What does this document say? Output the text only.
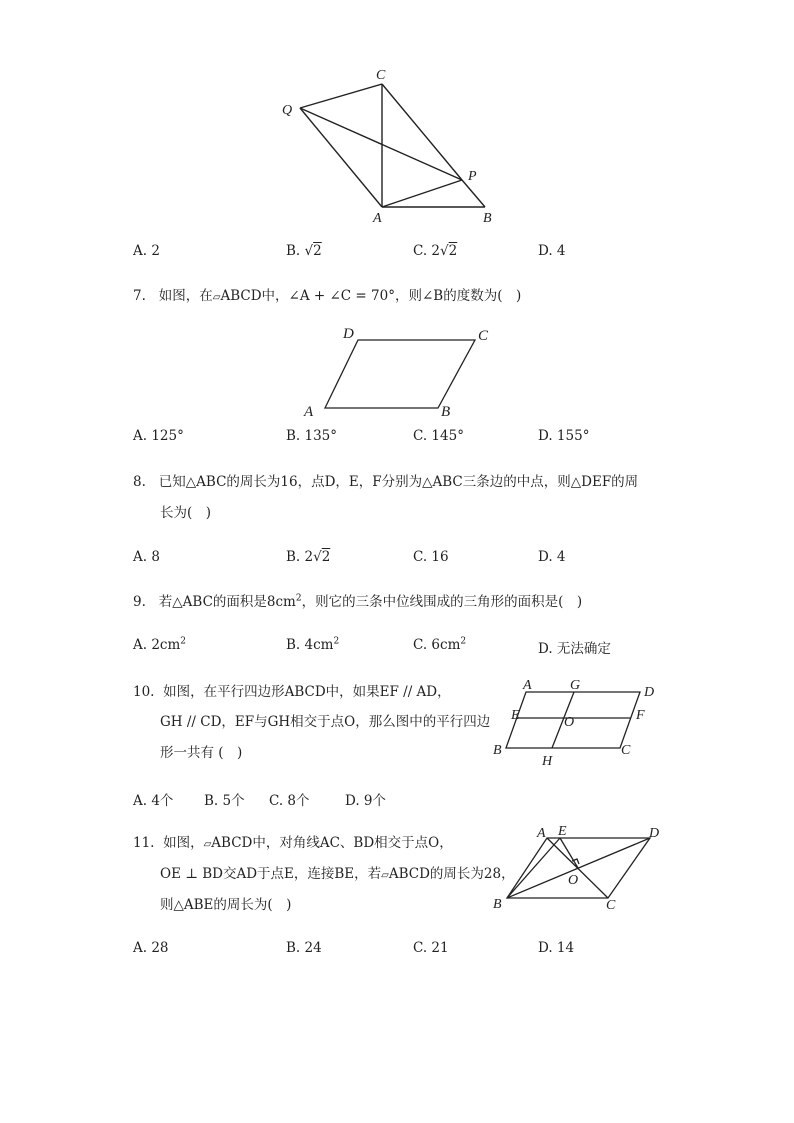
C
Q
P
A	B
A. 2	B. √2	C. 2√2	D. 4
7. 如图，在▱ABCD中，∠A + ∠C = 70°，则∠B的度数为(　)
D	C
A	B
A. 125°	B. 135°	C. 145°	D. 155°
8. 已知△ABC的周长为16，点D，E，F分别为△ABC三条边的中点，则△DEF的周
长为(　)
A. 8	B. 2√2	C. 16	D. 4
9. 若△ABC的面积是$8cm^2$，则它的三条中位线围成的三角形的面积是(　)
A. $2cm^2$	B. $4cm^2$	C. $6cm^2$	D. 无法确定
10. 如图，在平行四边形ABCD中，如果EF // AD，
GH // CD，EF与GH相交于点O，那么图中的平行四边
形一共有 (　)
A	G	D
E	O	F
B
H
C
A. 4个 B. 5个 C. 8个	D. 9个
11. 如图，▱ABCD中，对角线AC、BD相交于点O，
OE ⊥ BD交AD于点E，连接BE，若▱ABCD的周长为28，
则△ABE的周长为(　)
A E	D
O
B	C
A. 28	B. 24	C. 21	D. 14
